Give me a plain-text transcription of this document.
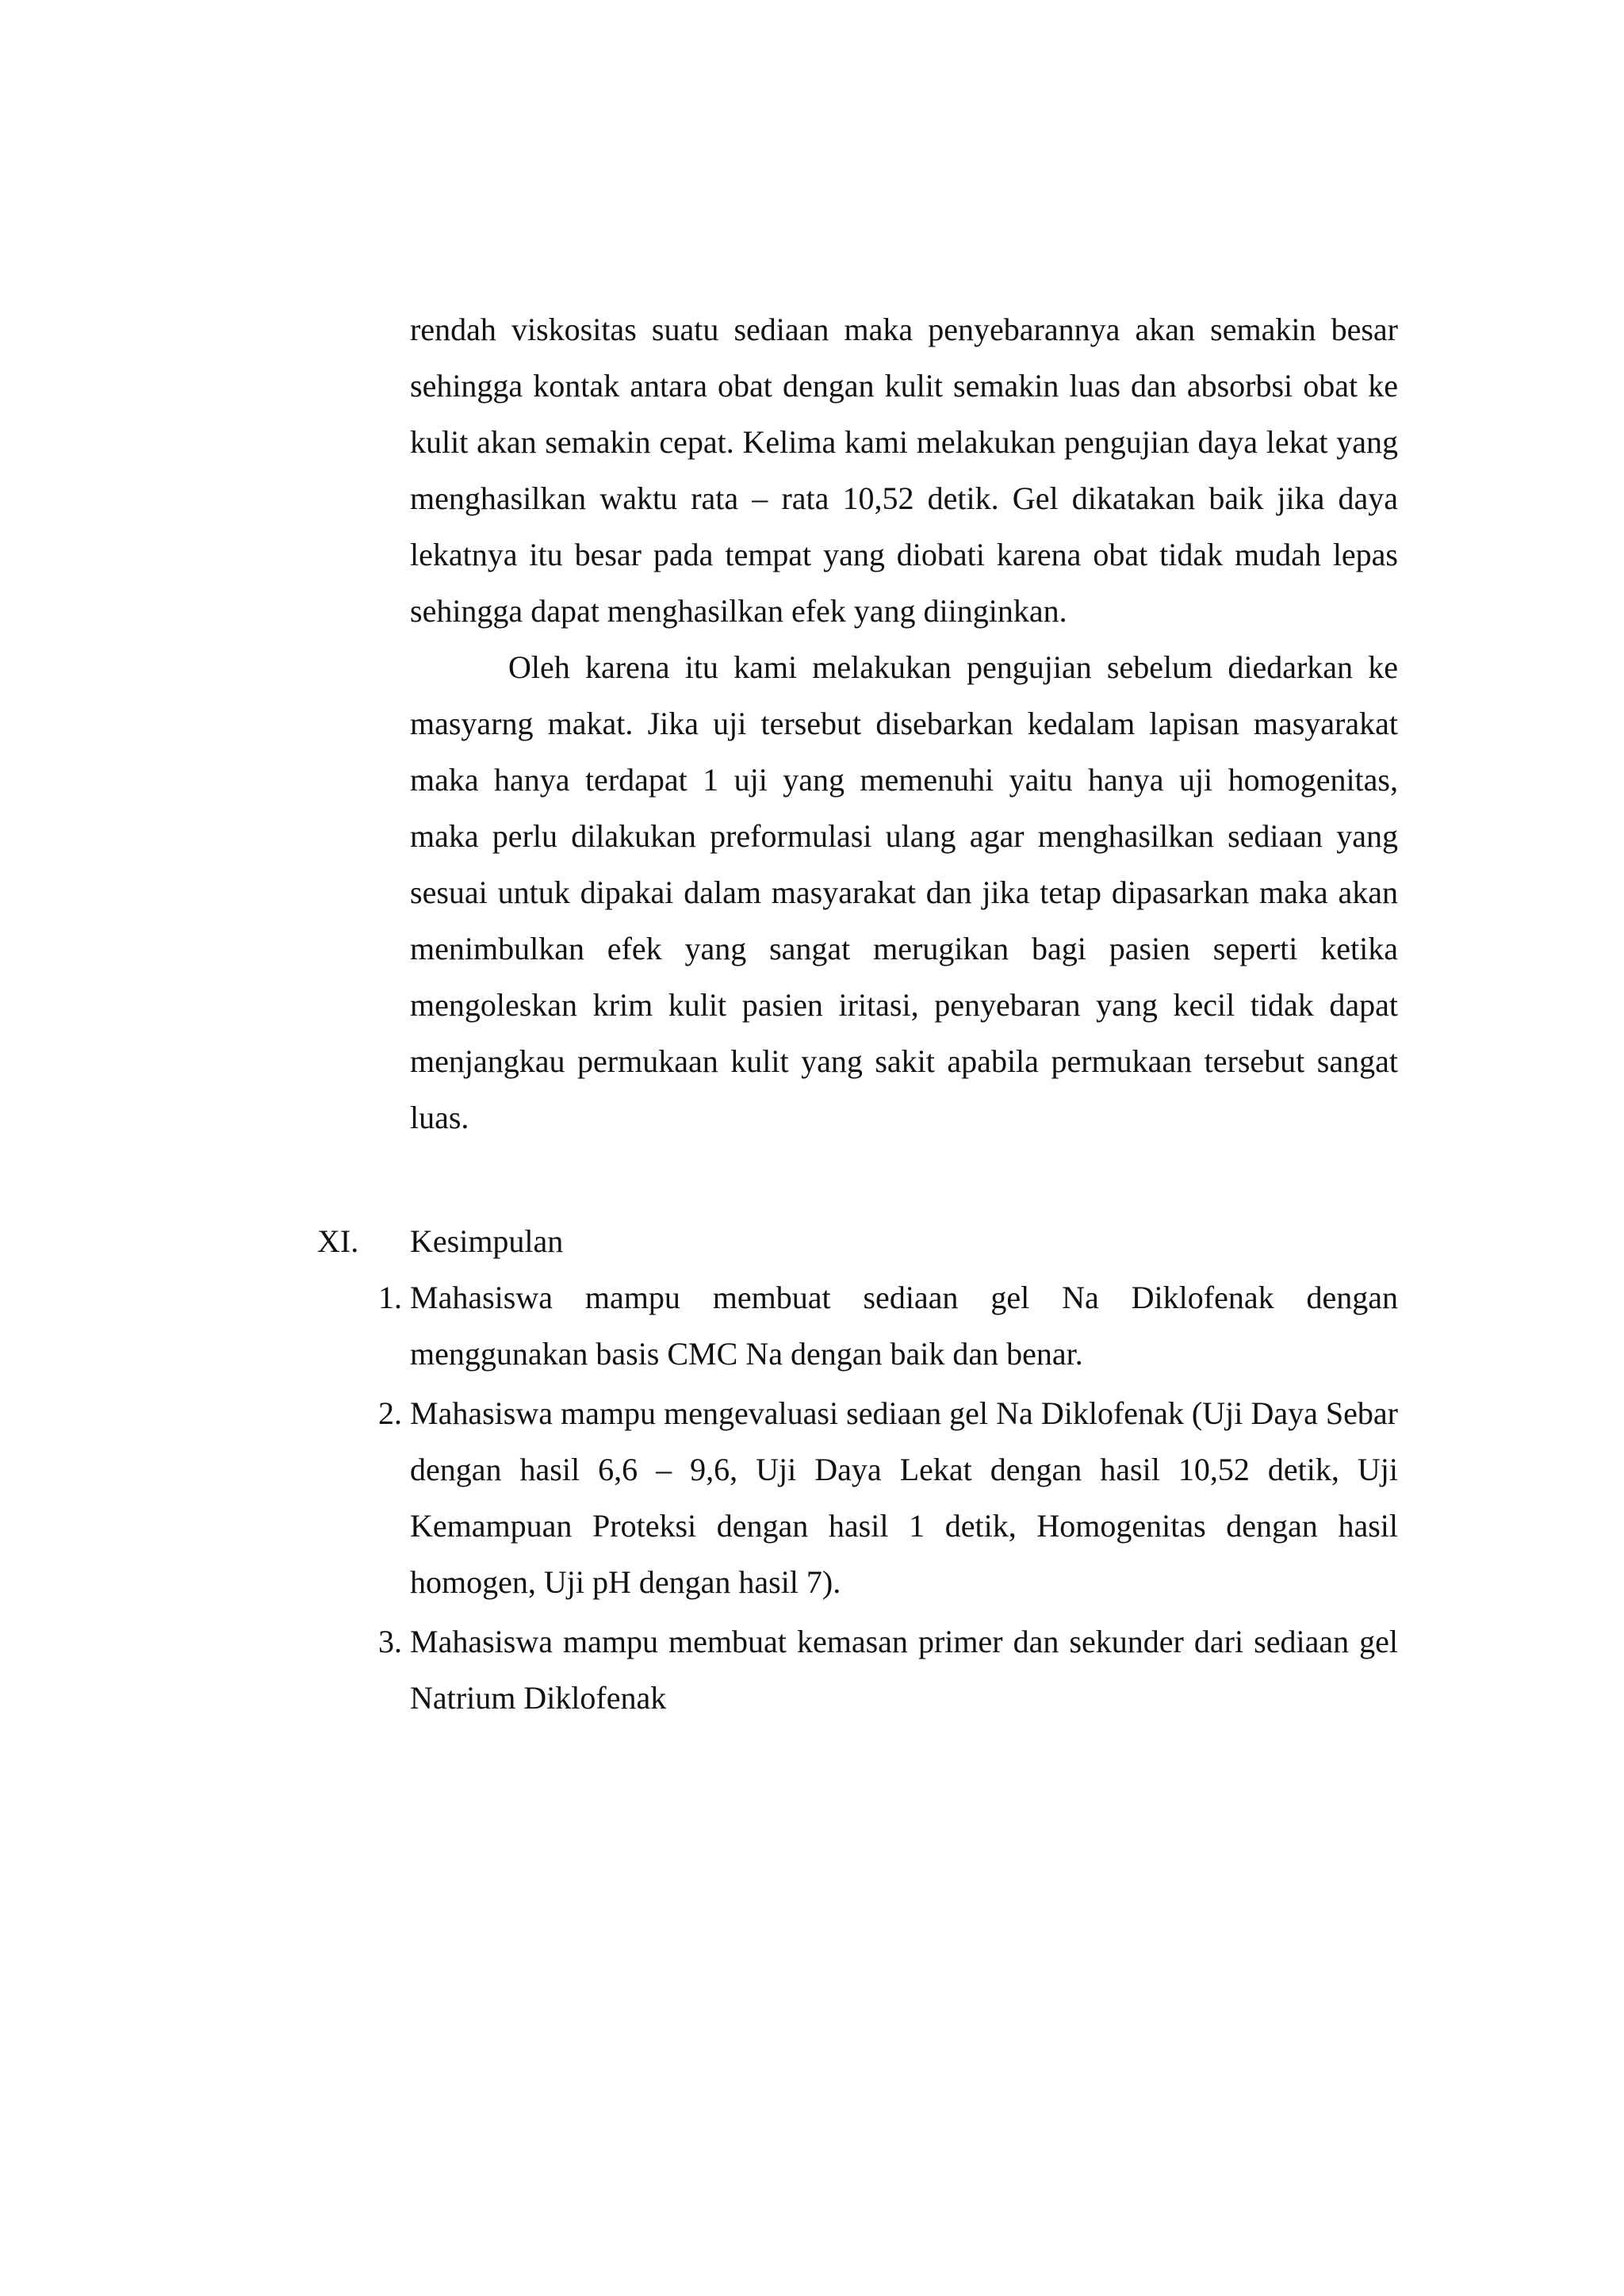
rendah viskositas suatu sediaan maka penyebarannya akan semakin besar sehingga kontak antara obat dengan kulit semakin luas dan absorbsi obat ke kulit akan semakin cepat. Kelima kami melakukan pengujian daya lekat yang menghasilkan waktu rata – rata 10,52 detik. Gel dikatakan baik jika daya lekatnya itu besar pada tempat yang diobati karena obat tidak mudah lepas sehingga dapat menghasilkan efek yang diinginkan.

Oleh karena itu kami melakukan pengujian sebelum diedarkan ke masyarng makat. Jika uji tersebut disebarkan kedalam lapisan masyarakat maka hanya terdapat 1 uji yang memenuhi yaitu hanya uji homogenitas, maka perlu dilakukan preformulasi ulang agar menghasilkan sediaan yang sesuai untuk dipakai dalam masyarakat dan jika tetap dipasarkan maka akan menimbulkan efek yang sangat merugikan bagi pasien seperti ketika mengoleskan krim kulit pasien iritasi, penyebaran yang kecil tidak dapat menjangkau permukaan kulit yang sakit apabila permukaan tersebut sangat luas.

XI. Kesimpulan
1. Mahasiswa mampu membuat sediaan gel Na Diklofenak dengan menggunakan basis CMC Na dengan baik dan benar.
2. Mahasiswa mampu mengevaluasi sediaan gel Na Diklofenak (Uji Daya Sebar dengan hasil 6,6 – 9,6, Uji Daya Lekat dengan hasil 10,52 detik, Uji Kemampuan Proteksi dengan hasil 1 detik, Homogenitas dengan hasil homogen, Uji pH dengan hasil 7).
3. Mahasiswa mampu membuat kemasan primer dan sekunder dari sediaan gel Natrium Diklofenak
